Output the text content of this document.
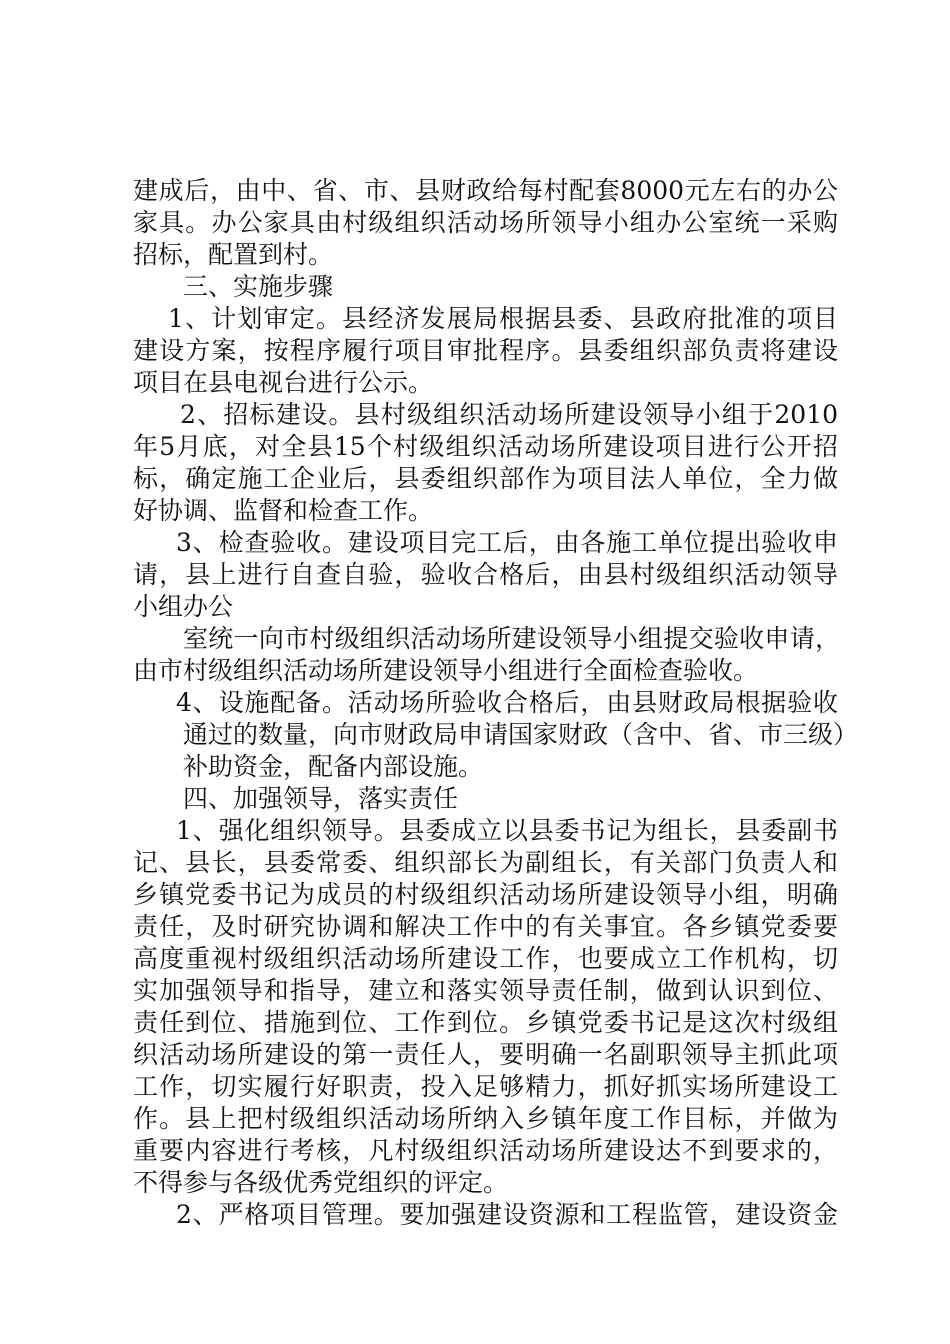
建成后，由中、省、市、县财政给每村配套8000元左右的办公
家具。办公家具由村级组织活动场所领导小组办公室统一采购
招标，配置到村。
三、实施步骤
1、计划审定。县经济发展局根据县委、县政府批准的项目
建设方案，按程序履行项目审批程序。县委组织部负责将建设
项目在县电视台进行公示。
2、招标建设。县村级组织活动场所建设领导小组于2010
年5月底，对全县15个村级组织活动场所建设项目进行公开招
标，确定施工企业后，县委组织部作为项目法人单位，全力做
好协调、监督和检查工作。
3、检查验收。建设项目完工后，由各施工单位提出验收申
请，县上进行自查自验，验收合格后，由县村级组织活动领导
小组办公
室统一向市村级组织活动场所建设领导小组提交验收申请，
由市村级组织活动场所建设领导小组进行全面检查验收。
4、设施配备。活动场所验收合格后，由县财政局根据验收
通过的数量，向市财政局申请国家财政（含中、省、市三级）
补助资金，配备内部设施。
四、加强领导，落实责任
1、强化组织领导。县委成立以县委书记为组长，县委副书
记、县长，县委常委、组织部长为副组长，有关部门负责人和
乡镇党委书记为成员的村级组织活动场所建设领导小组，明确
责任，及时研究协调和解决工作中的有关事宜。各乡镇党委要
高度重视村级组织活动场所建设工作，也要成立工作机构，切
实加强领导和指导，建立和落实领导责任制，做到认识到位、
责任到位、措施到位、工作到位。乡镇党委书记是这次村级组
织活动场所建设的第一责任人，要明确一名副职领导主抓此项
工作，切实履行好职责，投入足够精力，抓好抓实场所建设工
作。县上把村级组织活动场所纳入乡镇年度工作目标，并做为
重要内容进行考核，凡村级组织活动场所建设达不到要求的，
不得参与各级优秀党组织的评定。
2、严格项目管理。要加强建设资源和工程监管，建设资金
